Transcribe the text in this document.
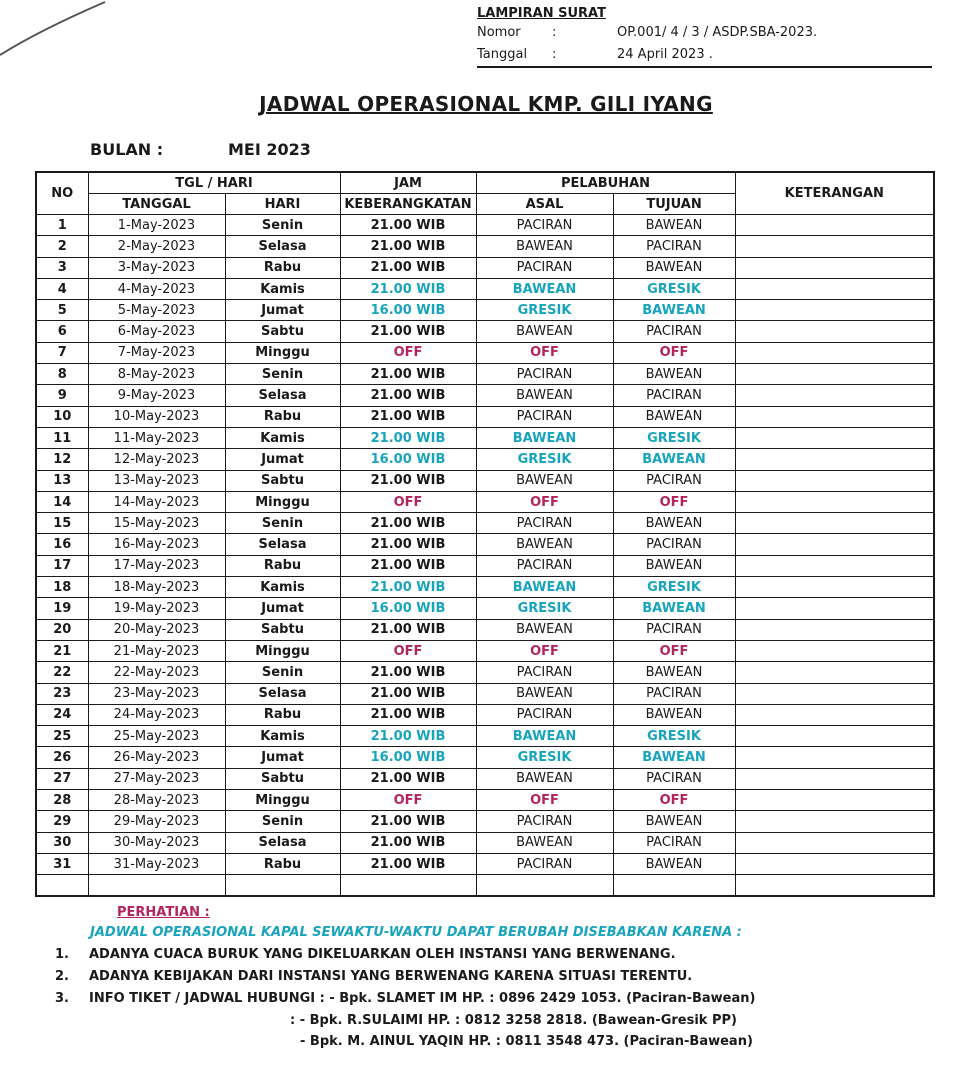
LAMPIRAN SURAT
Nomor :	OP.001/ 4 / 3 / ASDP.SBA-2023.
Tanggal :	24 April 2023 .
JADWAL OPERASIONAL KMP. GILI IYANG
BULAN :	MEI 2023
NO	TGL / HARI		JAM	PELABUHAN		KETERANGAN
	TANGGAL	HARI	KEBERANGKATAN	ASAL	TUJUAN	
1	1-May-2023	Senin	21.00 WIB	PACIRAN	BAWEAN	
2	2-May-2023	Selasa	21.00 WIB	BAWEAN	PACIRAN	
3	3-May-2023	Rabu	21.00 WIB	PACIRAN	BAWEAN	
4	4-May-2023	Kamis	21.00 WIB	BAWEAN	GRESIK	
5	5-May-2023	Jumat	16.00 WIB	GRESIK	BAWEAN	
6	6-May-2023	Sabtu	21.00 WIB	BAWEAN	PACIRAN	
7	7-May-2023	Minggu	OFF	OFF	OFF	
8	8-May-2023	Senin	21.00 WIB	PACIRAN	BAWEAN	
9	9-May-2023	Selasa	21.00 WIB	BAWEAN	PACIRAN	
10	10-May-2023	Rabu	21.00 WIB	PACIRAN	BAWEAN	
11	11-May-2023	Kamis	21.00 WIB	BAWEAN	GRESIK	
12	12-May-2023	Jumat	16.00 WIB	GRESIK	BAWEAN	
13	13-May-2023	Sabtu	21.00 WIB	BAWEAN	PACIRAN	
14	14-May-2023	Minggu	OFF	OFF	OFF	
15	15-May-2023	Senin	21.00 WIB	PACIRAN	BAWEAN	
16	16-May-2023	Selasa	21.00 WIB	BAWEAN	PACIRAN	
17	17-May-2023	Rabu	21.00 WIB	PACIRAN	BAWEAN	
18	18-May-2023	Kamis	21.00 WIB	BAWEAN	GRESIK	
19	19-May-2023	Jumat	16.00 WIB	GRESIK	BAWEAN	
20	20-May-2023	Sabtu	21.00 WIB	BAWEAN	PACIRAN	
21	21-May-2023	Minggu	OFF	OFF	OFF	
22	22-May-2023	Senin	21.00 WIB	PACIRAN	BAWEAN	
23	23-May-2023	Selasa	21.00 WIB	BAWEAN	PACIRAN	
24	24-May-2023	Rabu	21.00 WIB	PACIRAN	BAWEAN	
25	25-May-2023	Kamis	21.00 WIB	BAWEAN	GRESIK	
26	26-May-2023	Jumat	16.00 WIB	GRESIK	BAWEAN	
27	27-May-2023	Sabtu	21.00 WIB	BAWEAN	PACIRAN	
28	28-May-2023	Minggu	OFF	OFF	OFF	
29	29-May-2023	Senin	21.00 WIB	PACIRAN	BAWEAN	
30	30-May-2023	Selasa	21.00 WIB	BAWEAN	PACIRAN	
31	31-May-2023	Rabu	21.00 WIB	PACIRAN	BAWEAN	

PERHATIAN :
JADWAL OPERASIONAL KAPAL SEWAKTU-WAKTU DAPAT BERUBAH DISEBABKAN KARENA :
1. ADANYA CUACA BURUK YANG DIKELUARKAN OLEH INSTANSI YANG BERWENANG.
2. ADANYA KEBIJAKAN DARI INSTANSI YANG BERWENANG KARENA SITUASI TERENTU.
3. INFO TIKET / JADWAL HUBUNGI : - Bpk. SLAMET IM HP. : 0896 2429 1053. (Paciran-Bawean)
: - Bpk. R.SULAIMI HP. : 0812 3258 2818. (Bawean-Gresik PP)
- Bpk. M. AINUL YAQIN HP. : 0811 3548 473. (Paciran-Bawean)
